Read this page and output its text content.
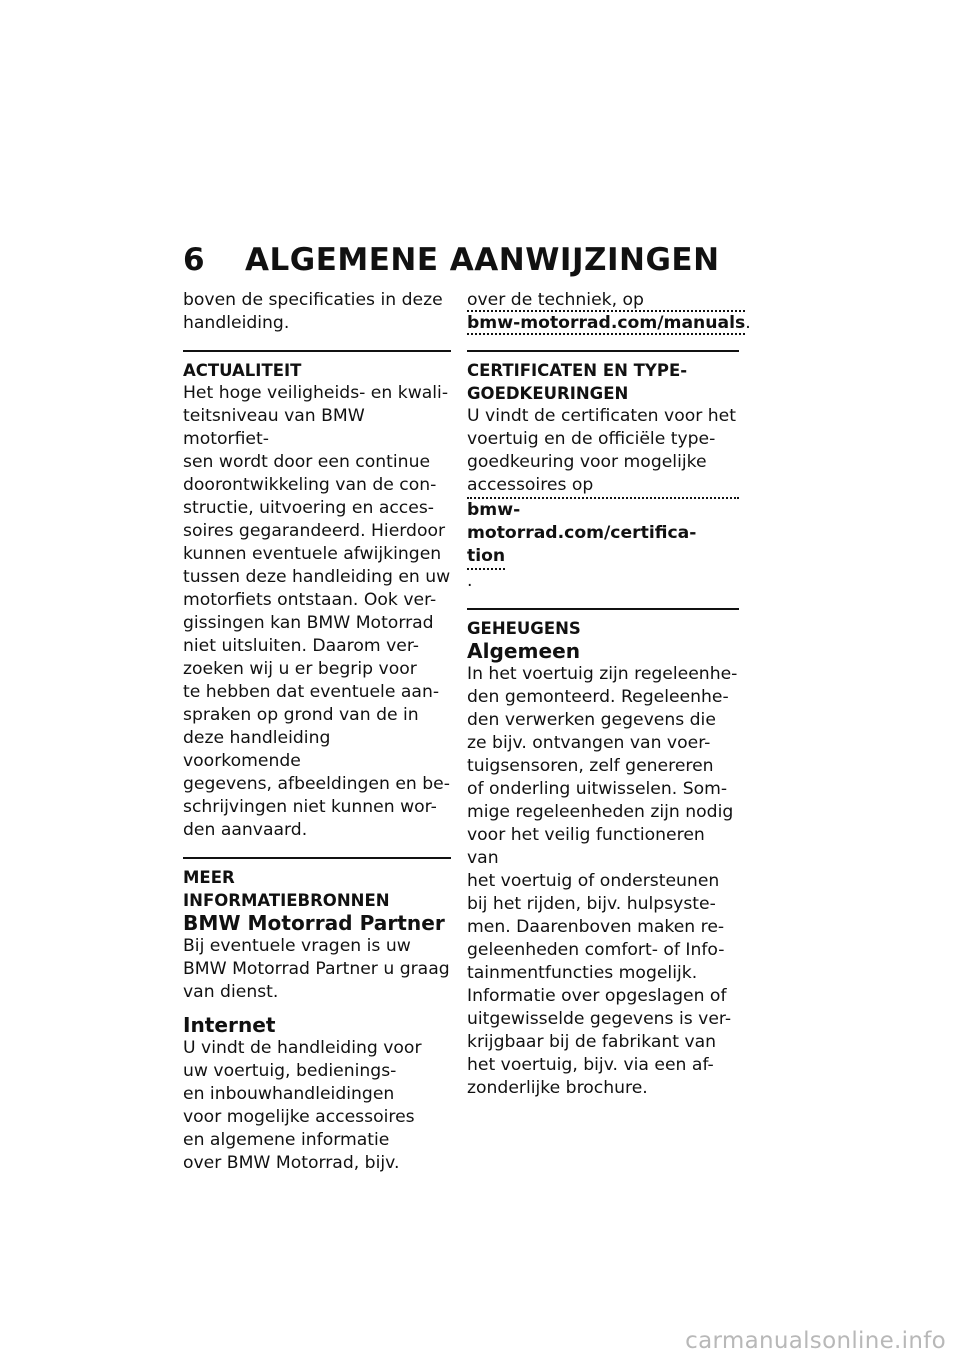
6 ALGEMENE AANWIJZINGEN

boven de specificaties in deze
handleiding.

ACTUALITEIT

Het hoge veiligheids- en kwali-
teitsniveau van BMW motorfiet-
sen wordt door een continue
doorontwikkeling van de con-
structie, uitvoering en acces-
soires gegarandeerd. Hierdoor
kunnen eventuele afwijkingen
tussen deze handleiding en uw
motorfiets ontstaan. Ook ver-
gissingen kan BMW Motorrad
niet uitsluiten. Daarom ver-
zoeken wij u er begrip voor
te hebben dat eventuele aan-
spraken op grond van de in
deze handleiding voorkomende
gegevens, afbeeldingen en be-
schrijvingen niet kunnen wor-
den aanvaard.

MEER
INFORMATIEBRONNEN
BMW Motorrad Partner

Bij eventuele vragen is uw
BMW Motorrad Partner u graag
van dienst.

Internet

U vindt de handleiding voor
uw voertuig, bedienings-
en inbouwhandleidingen
voor mogelijke accessoires
en algemene informatie
over BMW Motorrad, bijv.

over de techniek, op
bmw-motorrad.com/manuals.

CERTIFICATEN EN TYPE-
GOEDKEURINGEN

U vindt de certificaten voor het
voertuig en de officiële type-
goedkeuring voor mogelijke
accessoires op

bmw-motorrad.com/certifica-
tion.

GEHEUGENS
Algemeen

In het voertuig zijn regeleenhe-
den gemonteerd. Regeleenhe-
den verwerken gegevens die
ze bijv. ontvangen van voer-
tuigsensoren, zelf genereren
of onderling uitwisselen. Som-
mige regeleenheden zijn nodig
voor het veilig functioneren van
het voertuig of ondersteunen
bij het rijden, bijv. hulpsyste-
men. Daarenboven maken re-
geleenheden comfort- of Info-
tainmentfuncties mogelijk.
Informatie over opgeslagen of
uitgewisselde gegevens is ver-
krijgbaar bij de fabrikant van
het voertuig, bijv. via een af-
zonderlijke brochure.

carmanualsonline.info
